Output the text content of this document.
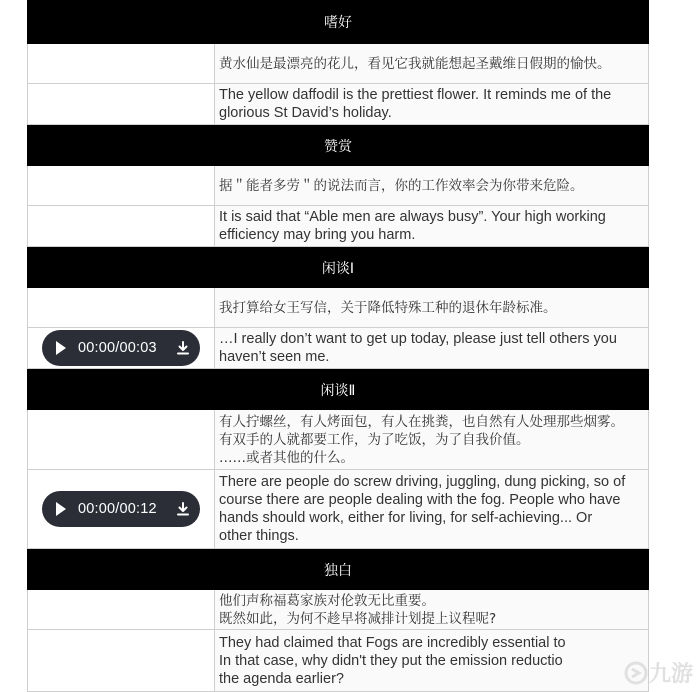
嗜好
黄水仙是最漂亮的花儿，看见它我就能想起圣戴维日假期的愉快。
The yellow daffodil is the prettiest flower. It reminds me of the
glorious St David’s holiday.
赞赏
据＂能者多劳＂的说法而言，你的工作效率会为你带来危险。
It is said that “Able men are always busy”. Your high working
efficiency may bring you harm.
闲谈Ⅰ
我打算给女王写信，关于降低特殊工种的退休年龄标准。
00:00/00:03
…I really don’t want to get up today, please just tell others you
haven’t seen me.
闲谈Ⅱ
有人拧螺丝，有人烤面包，有人在挑粪，也自然有人处理那些烟雾。
有双手的人就都要工作，为了吃饭，为了自我价值。
……或者其他的什么。
00:00/00:12
There are people do screw driving, juggling, dung picking, so of
course there are people dealing with the fog. People who have
hands should work, either for living, for self-achieving... Or
other things.
独白
他们声称福葛家族对伦敦无比重要。
既然如此，为何不趁早将减排计划提上议程呢?
They had claimed that Fogs are incredibly essential to
In that case, why didn't they put the emission reductio
the agenda earlier?	九游
